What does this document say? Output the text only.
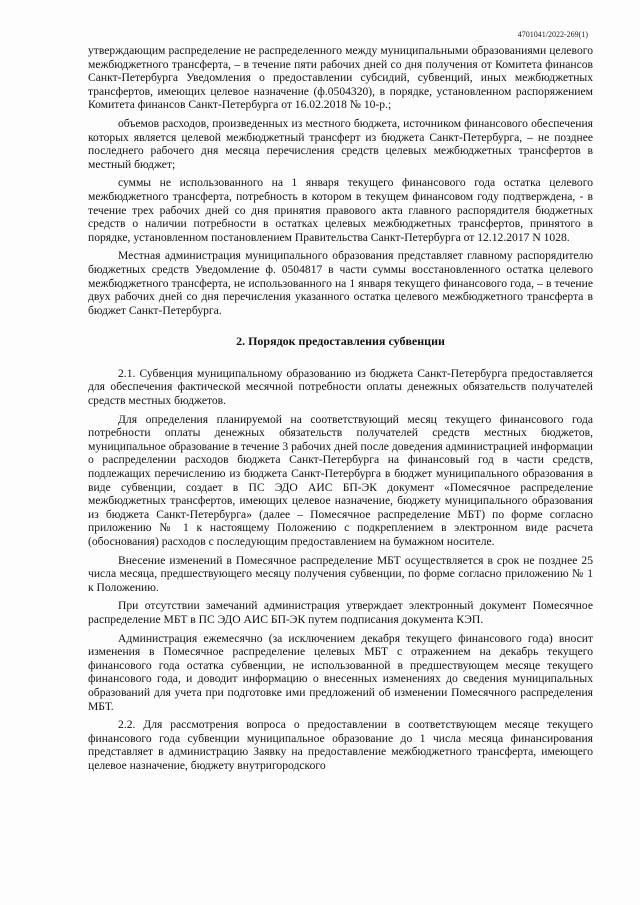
4701041/2022-269(1)

утверждающим распределение не распределенного между муниципальными образованиями целевого межбюджетного трансферта, – в течение пяти рабочих дней со дня получения от Комитета финансов Санкт-Петербурга Уведомления о предоставлении субсидий, субвенций, иных межбюджетных трансфертов, имеющих целевое назначение (ф.0504320), в порядке, установленном распоряжением Комитета финансов Санкт-Петербурга от 16.02.2018 № 10-р.;

объемов расходов, произведенных из местного бюджета, источником финансового обеспечения которых является целевой межбюджетный трансферт из бюджета Санкт-Петербурга, – не позднее последнего рабочего дня месяца перечисления средств целевых межбюджетных трансфертов в местный бюджет;

суммы не использованного на 1 января текущего финансового года остатка целевого межбюджетного трансферта, потребность в котором в текущем финансовом году подтверждена, - в течение трех рабочих дней со дня принятия правового акта главного распорядителя бюджетных средств о наличии потребности в остатках целевых межбюджетных трансфертов, принятого в порядке, установленном постановлением Правительства Санкт-Петербурга от 12.12.2017 N 1028.

Местная администрация муниципального образования представляет главному распорядителю бюджетных средств Уведомление ф. 0504817 в части суммы восстановленного остатка целевого межбюджетного трансферта, не использованного на 1 января текущего финансового года, – в течение двух рабочих дней со дня перечисления указанного остатка целевого межбюджетного трансферта в бюджет Санкт-Петербурга.

2. Порядок предоставления субвенции

2.1. Субвенция муниципальному образованию из бюджета Санкт-Петербурга предоставляется для обеспечения фактической месячной потребности оплаты денежных обязательств получателей средств местных бюджетов.

Для определения планируемой на соответствующий месяц текущего финансового года потребности оплаты денежных обязательств получателей средств местных бюджетов, муниципальное образование в течение 3 рабочих дней после доведения администрацией информации о распределении расходов бюджета Санкт-Петербурга на финансовый год в части средств, подлежащих перечислению из бюджета Санкт-Петербурга в бюджет муниципального образования в виде субвенции, создает в ПС ЭДО АИС БП-ЭК документ «Помесячное распределение межбюджетных трансфертов, имеющих целевое назначение, бюджету муниципального образования из бюджета Санкт-Петербурга» (далее – Помесячное распределение МБТ) по форме согласно приложению № 1 к настоящему Положению с подкреплением в электронном виде расчета (обоснования) расходов с последующим предоставлением на бумажном носителе.

Внесение изменений в Помесячное распределение МБТ осуществляется в срок не позднее 25 числа месяца, предшествующего месяцу получения субвенции, по форме согласно приложению № 1 к Положению.

При отсутствии замечаний администрация утверждает электронный документ Помесячное распределение МБТ в ПС ЭДО АИС БП-ЭК путем подписания документа КЭП.

Администрация ежемесячно (за исключением декабря текущего финансового года) вносит изменения в Помесячное распределение целевых МБТ с отражением на декабрь текущего финансового года остатка субвенции, не использованной в предшествующем месяце текущего финансового года, и доводит информацию о внесенных изменениях до сведения муниципальных образований для учета при подготовке ими предложений об изменении Помесячного распределения МБТ.

2.2. Для рассмотрения вопроса о предоставлении в соответствующем месяце текущего финансового года субвенции муниципальное образование до 1 числа месяца финансирования представляет в администрацию Заявку на предоставление межбюджетного трансферта, имеющего целевое назначение, бюджету внутригородского
